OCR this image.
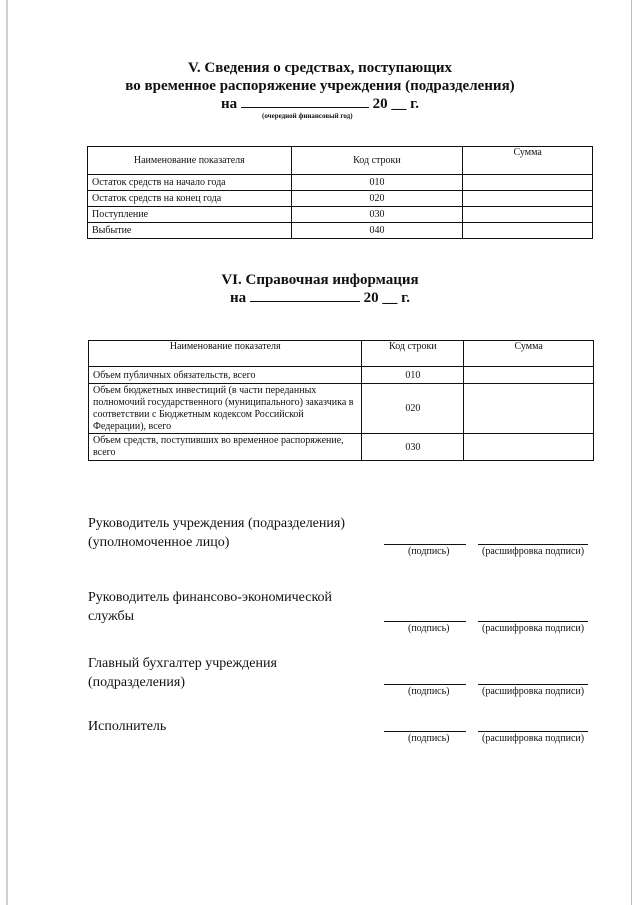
V. Сведения о средствах, поступающих
во временное распоряжение учреждения (подразделения)
на	20 __ г.
(очередной финансовый год)
Наименование показателя	Код строки	Сумма
Остаток средств на начало года	010	
Остаток средств на конец года	020	
Поступление	030	
Выбытие	040	
VI. Справочная информация
на	20 __ г.
Наименование показателя	Код строки	Сумма
Объем публичных обязательств, всего	010	
Объем бюджетных инвестиций (в части переданных полномочий государственного (муниципального) заказчика в соответствии с Бюджетным кодексом Российской Федерации), всего	020	
Объем средств, поступивших во временное распоряжение, всего	030	
Руководитель учреждения (подразделения)
(уполномоченное лицо)
(подпись)	(расшифровка подписи)
Руководитель финансово-экономической
службы
(подпись)	(расшифровка подписи)
Главный бухгалтер учреждения
(подразделения)
(подпись)	(расшифровка подписи)
Исполнитель
(подпись)	(расшифровка подписи)
